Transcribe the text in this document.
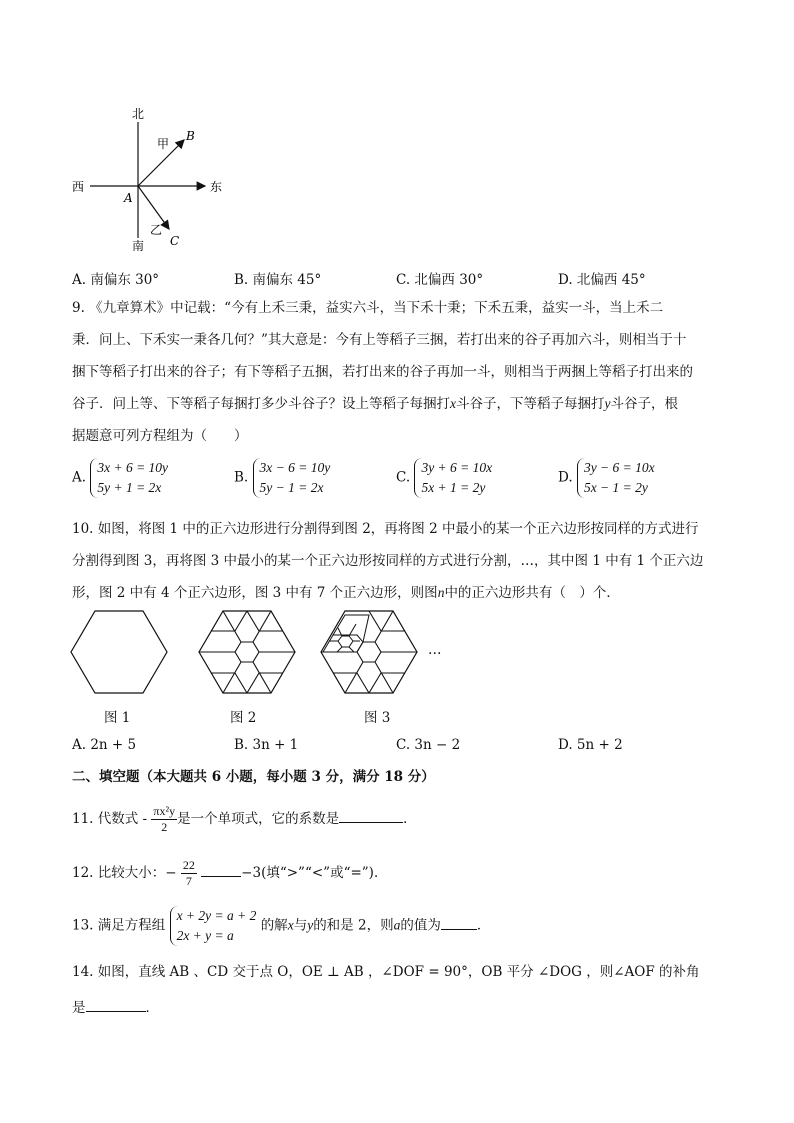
北
南
西	东
甲
乙
A
B
C
A. 南偏东 30°	B. 南偏东 45°	C. 北偏西 30°	D. 北偏西 45°
9. 《九章算术》中记载：“今有上禾三秉，益实六斗，当下禾十秉；下禾五秉，益实一斗，当上禾二
秉．问上、下禾实一秉各几何？”其大意是：今有上等稻子三捆，若打出来的谷子再加六斗，则相当于十
捆下等稻子打出来的谷子；有下等稻子五捆，若打出来的谷子再加一斗，则相当于两捆上等稻子打出来的
谷子．问上等、下等稻子每捆打多少斗谷子？设上等稻子每捆打x斗谷子，下等稻子每捆打y斗谷子，根
据题意可列方程组为（　　）
A.
3x + 6 = 10y
5y + 1 = 2x
B.
3x − 6 = 10y
5y − 1 = 2x
C.
3y + 6 = 10x
5x + 1 = 2y
D.
3y − 6 = 10x
5x − 1 = 2y
10. 如图，将图 1 中的正六边形进行分割得到图 2，再将图 2 中最小的某一个正六边形按同样的方式进行
分割得到图 3，再将图 3 中最小的某一个正六边形按同样的方式进行分割，…，其中图 1 中有 1 个正六边
形，图 2 中有 4 个正六边形，图 3 中有 7 个正六边形，则图n中的正六边形共有（　）个．
…
图 1	图 2	图 3
A. 2n + 5	B. 3n + 1	C. 3n − 2	D. 5n + 2
二、填空题（本大题共 6 小题，每小题 3 分，满分 18 分）
11. 代数式 - $\frac{\text{πx²y}}{2}$ 是一个单项式，它的系数是	．
12. 比较大小：− $\frac{22}{7}$	−3(填“>”“<”或“=”)．
13. 满足方程组
x + 2y = a + 2
2x + y = a
的解x与y的和是 2，则a的值为	．
14. 如图，直线 AB 、CD 交于点 O，OE ⊥ AB ，∠DOF = 90°，OB 平分 ∠DOG ，则∠AOF 的补角
是	．
